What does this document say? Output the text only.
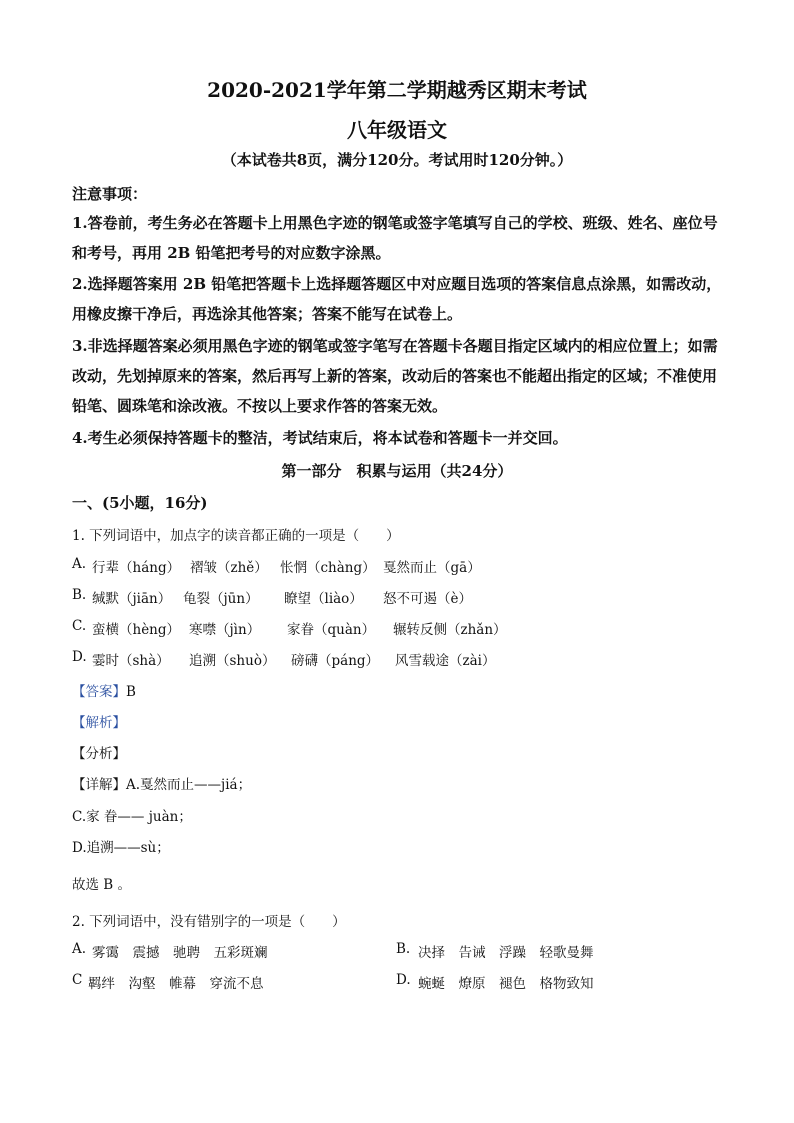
2020-2021学年第二学期越秀区期末考试
八年级语文
（本试卷共8页，满分120分。考试用时120分钟。）
注意事项：
1.答卷前，考生务必在答题卡上用黑色字迹的钢笔或签字笔填写自己的学校、班级、姓名、座位号和考号，再用 2B 铅笔把考号的对应数字涂黑。
2.选择题答案用 2B 铅笔把答题卡上选择题答题区中对应题目选项的答案信息点涂黑，如需改动，用橡皮擦干净后，再选涂其他答案；答案不能写在试卷上。
3.非选择题答案必须用黑色字迹的钢笔或签字笔写在答题卡各题目指定区域内的相应位置上；如需改动，先划掉原来的答案，然后再写上新的答案，改动后的答案也不能超出指定的区域；不准使用铅笔、圆珠笔和涂改液。不按以上要求作答的答案无效。
4.考生必须保持答题卡的整洁，考试结束后，将本试卷和答题卡一并交回。
第一部分　积累与运用（共24分）
一、(5小题，16分)
1. 下列词语中，加点字的读音都正确的一项是（　　）
A. 行辈（háng） 褶皱（zhě） 怅惘（chàng） 戛然而止（gā）
B. 缄默（jiān） 龟裂（jūn） 瞭望（liào） 怒不可遏（è）
C. 蛮横（hèng） 寒噤（jìn） 家眷（quàn） 辗转反侧（zhǎn）
D. 霎时（shà） 追溯（shuò） 磅礴（páng） 风雪载途（zài）
【答案】B
【解析】
【分析】
【详解】A.戛然而止——jiá；
C.家 眷—— juàn；
D.追溯——sù；
故选 B 。
2. 下列词语中，没有错别字的一项是（　　）
A. 雾霭　震撼　驰聘　五彩斑斓	B. 决择　告诫　浮躁　轻歌曼舞
C 羁绊　沟壑　帷幕　穿流不息	D. 蜿蜒　燎原　褪色　格物致知
